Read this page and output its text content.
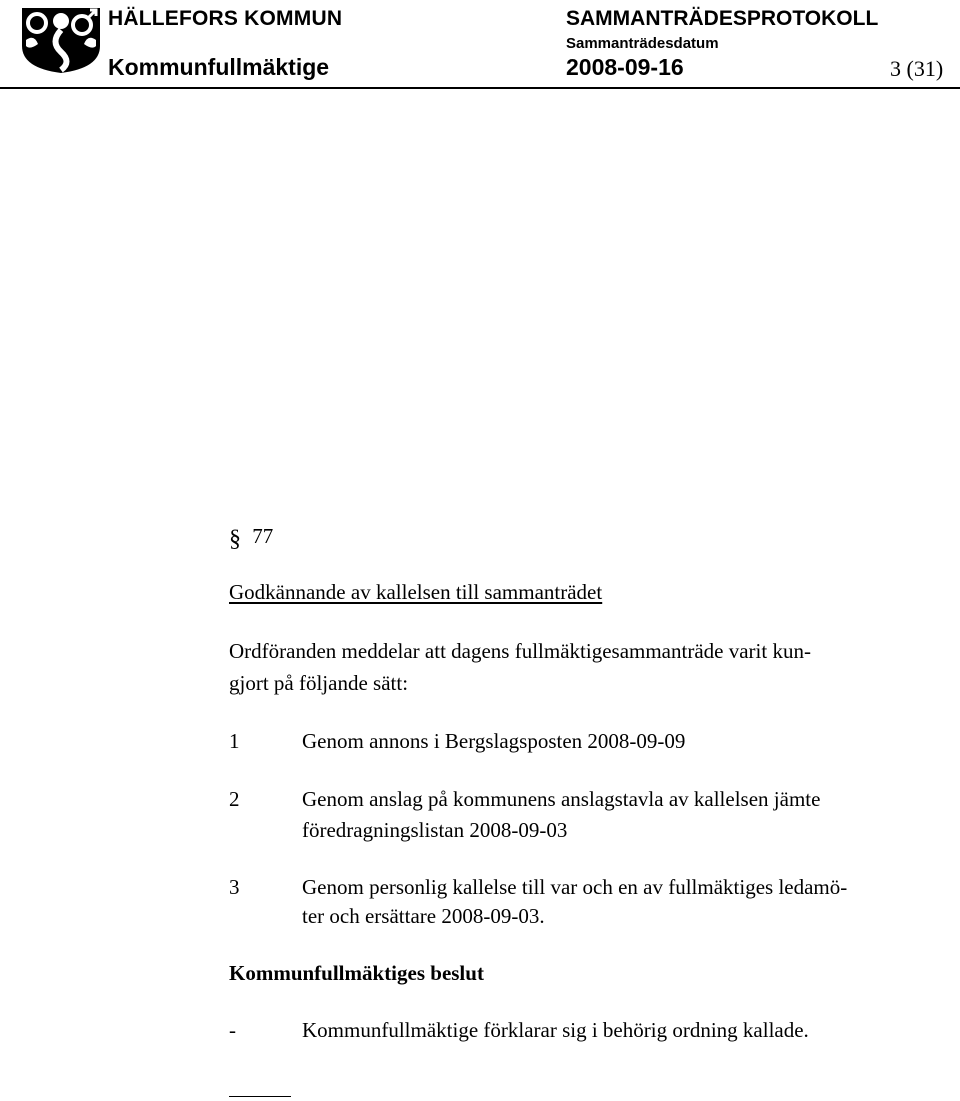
HÄLLEFORS KOMMUN
Kommunfullmäktige
SAMMANTRÄDESPROTOKOLL
Sammanträdesdatum
2008-09-16	3 (31)
§ 77
Godkännande av kallelsen till sammanträdet
Ordföranden meddelar att dagens fullmäktigesammanträde varit kun-
gjort på följande sätt:
1	Genom annons i Bergslagsposten 2008-09-09
2	Genom anslag på kommunens anslagstavla av kallelsen jämte
föredragningslistan 2008-09-03
3	Genom personlig kallelse till var och en av fullmäktiges ledamö-
ter och ersättare 2008-09-03.
Kommunfullmäktiges beslut
-	Kommunfullmäktige förklarar sig i behörig ordning kallade.
